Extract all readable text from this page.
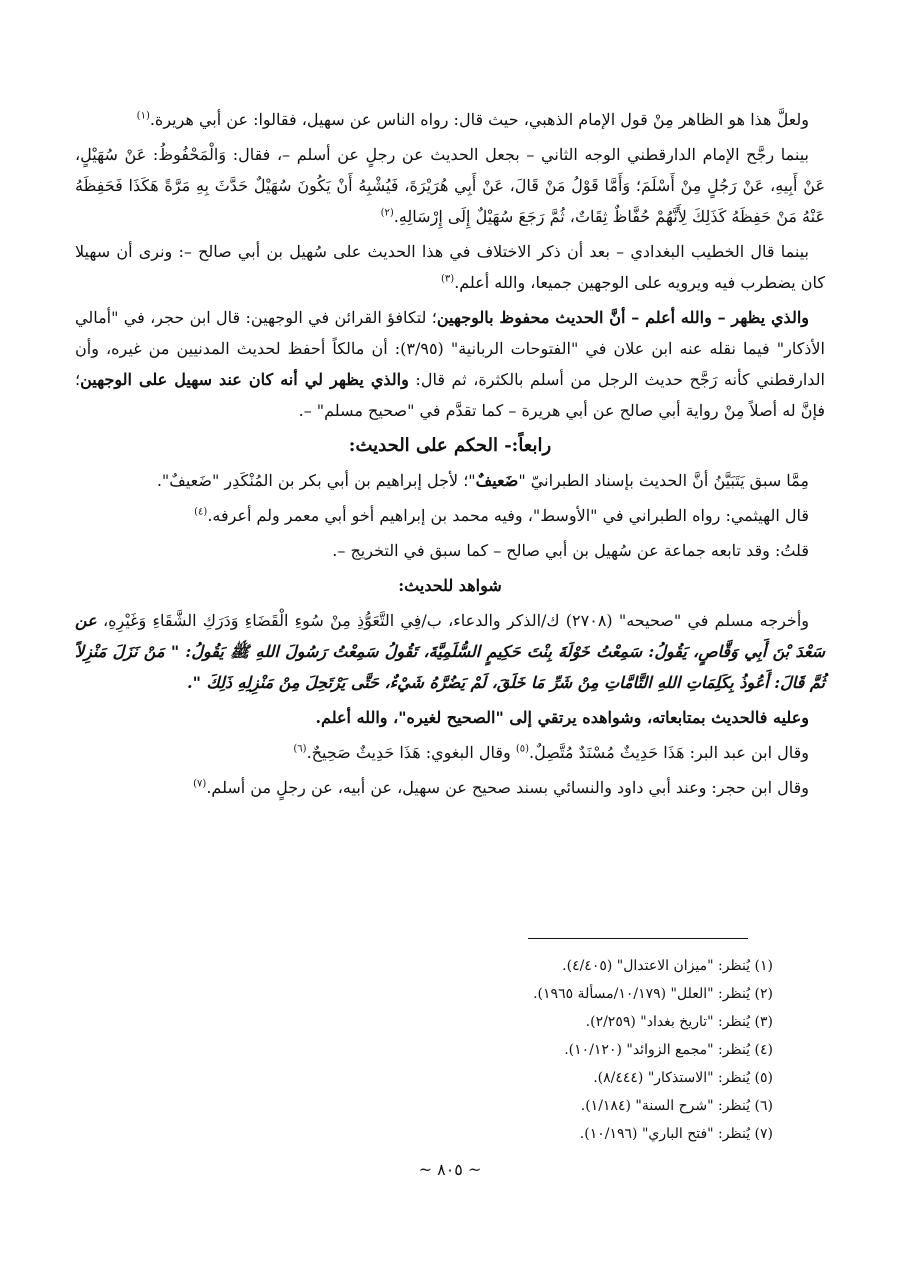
ولعلَّ هذا هو الظاهر مِنْ قول الإمام الذهبي، حيث قال: رواه الناس عن سهيل، فقالوا: عن أبي هريرة.$^{(١)}$

بينما رجَّح الإمام الدارقطني الوجه الثاني – بجعل الحديث عن رجلٍ عن أسلم –، فقال: وَالْمَحْفُوظُ: عَنْ سُهَيْلٍ، عَنْ أَبِيهِ، عَنْ رَجُلٍ مِنْ أَسْلَمَ؛ وَأَمَّا قَوْلُ مَنْ قَالَ، عَنْ أَبِي هُرَيْرَةَ، فَيُشْبِهُ أَنْ يَكُونَ سُهَيْلٌ حَدَّثَ بِهِ مَرَّةً هَكَذَا فَحَفِظَهُ عَنْهُ مَنْ حَفِظَهُ كَذَلِكَ لِأَنَّهُمْ حُفَّاظٌ ثِقَاتٌ، ثُمَّ رَجَعَ سُهَيْلٌ إِلَى إِرْسَالِهِ.$^{(٢)}$

بينما قال الخطيب البغدادي – بعد أن ذكر الاختلاف في هذا الحديث على سُهيل بن أبي صالح –: ونرى أن سهيلا كان يضطرب فيه ويرويه على الوجهين جميعا، والله أعلم.$^{(٣)}$

والذي يظهر – والله أعلم – أنَّ الحديث محفوظ بالوجهين؛ لتكافؤ القرائن في الوجهين: قال ابن حجر، في "أمالي الأذكار" فيما نقله عنه ابن علان في "الفتوحات الربانية" (٣/٩٥): أن مالكاً أحفظ لحديث المدنيين من غيره، وأن الدارقطني كأنه رَجَّح حديث الرجل من أسلم بالكثرة، ثم قال: والذي يظهر لي أنه كان عند سهيل على الوجهين؛ فإنَّ له أصلاً مِنْ رواية أبي صالح عن أبي هريرة – كما تقدَّم في "صحيح مسلم" –.

رابعاً:- الحكم على الحديث:

مِمَّا سبق يَتَبَيَّنُ أنَّ الحديث بإسناد الطبرانيّ "ضَعيفٌ"؛ لأجل إبراهيم بن أبي بكر بن المُنْكَدِر "ضَعيفٌ".

قال الهيثمي: رواه الطبراني في "الأوسط"، وفيه محمد بن إبراهيم أخو أبي معمر ولم أعرفه.$^{(٤)}$

قلتُ: وقد تابعه جماعة عن سُهيل بن أبي صالح – كما سبق في التخريج –.

شواهد للحديث:

وأخرجه مسلم في "صحيحه" (٢٧٠٨) ك/الذكر والدعاء، ب/فِي التَّعَوُّذِ مِنْ سُوءِ الْقَضَاءِ وَدَرَكِ الشَّقَاءِ وَغَيْرِهِ، عن سَعْدَ بْنَ أَبِي وَقَّاصٍ، يَقُولُ: سَمِعْتُ خَوْلَةَ بِنْتَ حَكِيمٍ السُّلَمِيَّةَ، تَقُولُ سَمِعْتُ رَسُولَ اللهِ ﷺ يَقُولُ: " مَنْ نَزَلَ مَنْزِلاً ثُمَّ قَالَ: أَعُوذُ بِكَلِمَاتِ اللهِ التَّامَّاتِ مِنْ شَرِّ مَا خَلَقَ، لَمْ يَضُرَّهُ شَيْءٌ، حَتَّى يَرْتَحِلَ مِنْ مَنْزِلِهِ ذَلِكَ ".

وعليه فالحديث بمتابعاته، وشواهده يرتقي إلى "الصحيح لغيره"، والله أعلم.

وقال ابن عبد البر: هَذَا حَدِيثٌ مُسْنَدٌ مُتَّصِلٌ.$^{(٥)}$ وقال البغوي: هَذَا حَدِيثٌ صَحِيحٌ.$^{(٦)}$

وقال ابن حجر: وعند أبي داود والنسائي بسند صحيح عن سهيل، عن أبيه، عن رجلٍ من أسلم.$^{(٧)}$

(١) يُنظر: "ميزان الاعتدال" (٤/٤٠٥).
(٢) يُنظر: "العلل" (١٠/١٧٩/مسألة ١٩٦٥).
(٣) يُنظر: "تاريخ بغداد" (٢/٢٥٩).
(٤) يُنظر: "مجمع الزوائد" (١٠/١٢٠).
(٥) يُنظر: "الاستذكار" (٨/٤٤٤).
(٦) يُنظر: "شرح السنة" (١/١٨٤).
(٧) يُنظر: "فتح الباري" (١٠/١٩٦).
~ ٨٠٥ ~
